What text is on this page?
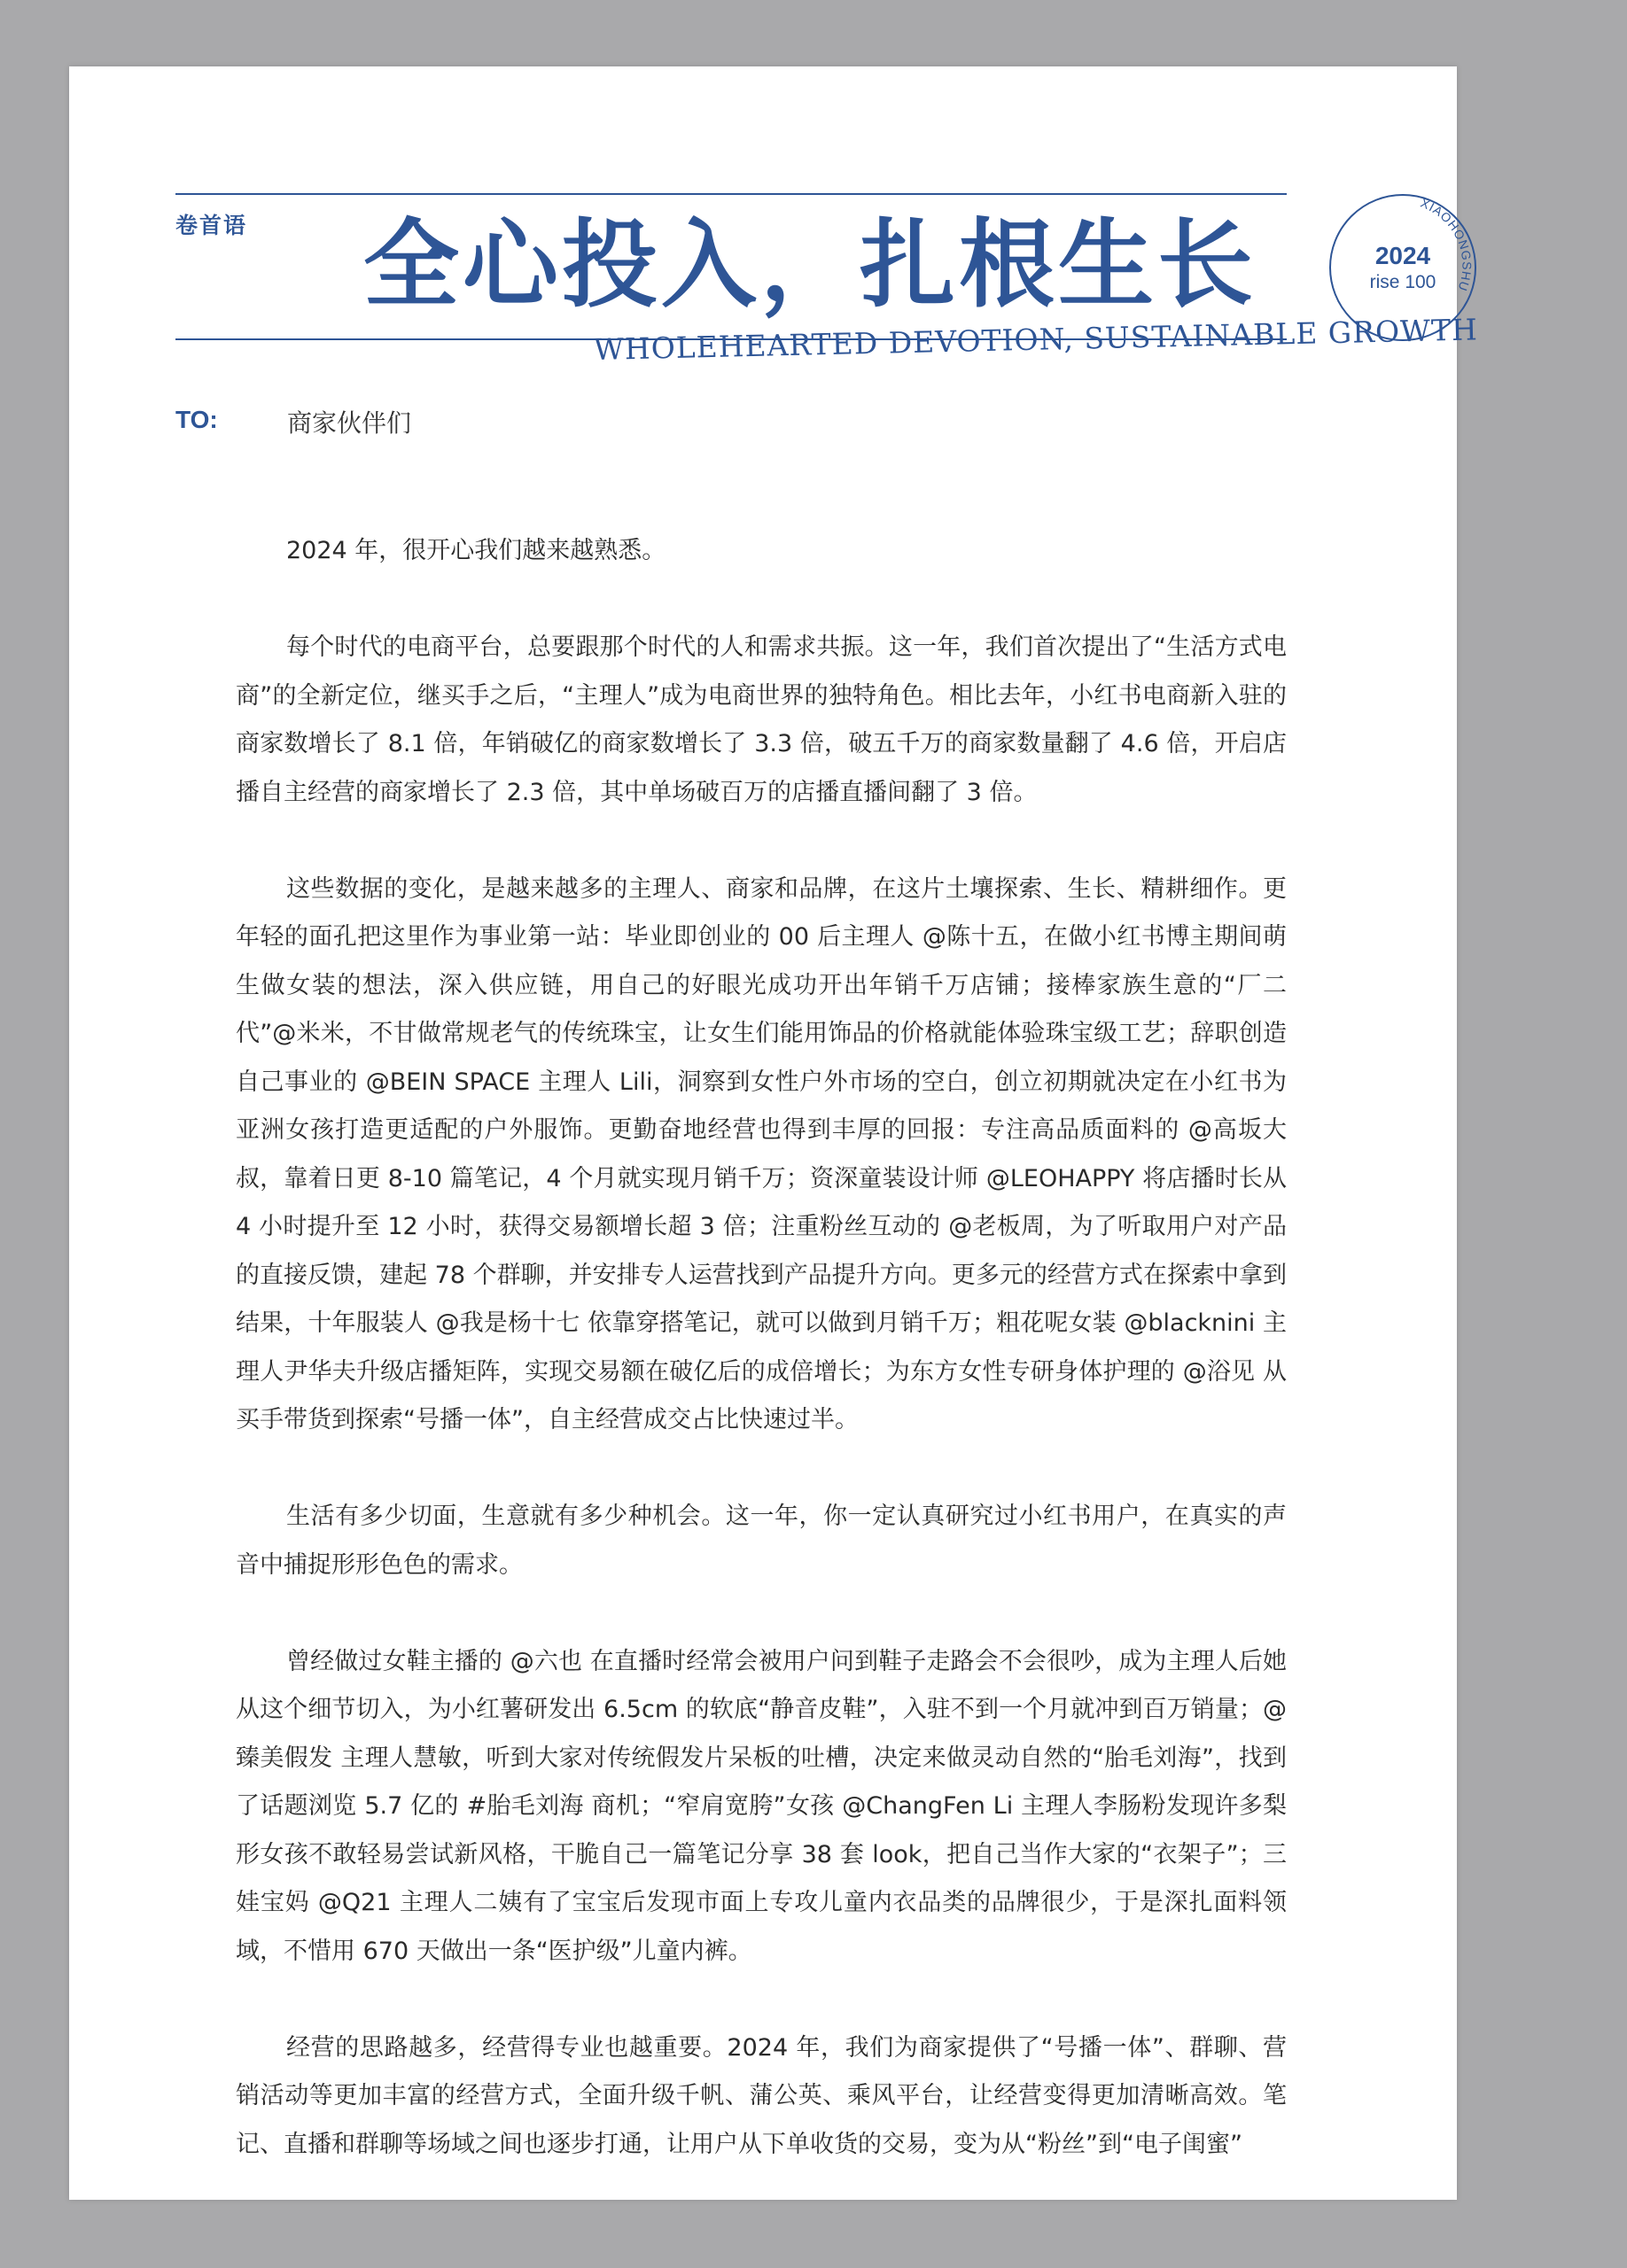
卷首语 全心投入，扎根生长
WHOLEHEARTED DEVOTION, SUSTAINABLE GROWTH
2024
rise 100
XIAOHONGSHU
TO:	商家伙伴们

2024 年，很开心我们越来越熟悉。

每个时代的电商平台，总要跟那个时代的人和需求共振。这一年，我们首次提出了“生活方式电商”的全新定位，继买手之后，“主理人”成为电商世界的独特角色。相比去年，小红书电商新入驻的商家数增长了 8.1 倍，年销破亿的商家数增长了 3.3 倍，破五千万的商家数量翻了 4.6 倍，开启店播自主经营的商家增长了 2.3 倍，其中单场破百万的店播直播间翻了 3 倍。

这些数据的变化，是越来越多的主理人、商家和品牌，在这片土壤探索、生长、精耕细作。更年轻的面孔把这里作为事业第一站：毕业即创业的 00 后主理人 @陈十五，在做小红书博主期间萌生做女装的想法，深入供应链，用自己的好眼光成功开出年销千万店铺；接棒家族生意的“厂二代”@米米，不甘做常规老气的传统珠宝，让女生们能用饰品的价格就能体验珠宝级工艺；辞职创造自己事业的 @BEIN SPACE 主理人 Lili，洞察到女性户外市场的空白，创立初期就决定在小红书为亚洲女孩打造更适配的户外服饰。更勤奋地经营也得到丰厚的回报：专注高品质面料的 @高坂大叔，靠着日更 8-10 篇笔记，4 个月就实现月销千万；资深童装设计师 @LEOHAPPY 将店播时长从 4 小时提升至 12 小时，获得交易额增长超 3 倍；注重粉丝互动的 @老板周，为了听取用户对产品的直接反馈，建起 78 个群聊，并安排专人运营找到产品提升方向。更多元的经营方式在探索中拿到结果，十年服装人 @我是杨十七 依靠穿搭笔记，就可以做到月销千万；粗花呢女装 @blacknini 主理人尹华夫升级店播矩阵，实现交易额在破亿后的成倍增长；为东方女性专研身体护理的 @浴见 从买手带货到探索“号播一体”，自主经营成交占比快速过半。

生活有多少切面，生意就有多少种机会。这一年，你一定认真研究过小红书用户，在真实的声音中捕捉形形色色的需求。

曾经做过女鞋主播的 @六也 在直播时经常会被用户问到鞋子走路会不会很吵，成为主理人后她从这个细节切入，为小红薯研发出 6.5cm 的软底“静音皮鞋”，入驻不到一个月就冲到百万销量；@臻美假发 主理人慧敏，听到大家对传统假发片呆板的吐槽，决定来做灵动自然的“胎毛刘海”，找到了话题浏览 5.7 亿的 #胎毛刘海 商机；“窄肩宽胯”女孩 @ChangFen Li 主理人李肠粉发现许多梨形女孩不敢轻易尝试新风格，干脆自己一篇笔记分享 38 套 look，把自己当作大家的“衣架子”；三娃宝妈 @Q21 主理人二姨有了宝宝后发现市面上专攻儿童内衣品类的品牌很少，于是深扎面料领域，不惜用 670 天做出一条“医护级”儿童内裤。

经营的思路越多，经营得专业也越重要。2024 年，我们为商家提供了“号播一体”、群聊、营销活动等更加丰富的经营方式，全面升级千帆、蒲公英、乘风平台，让经营变得更加清晰高效。笔记、直播和群聊等场域之间也逐步打通，让用户从下单收货的交易，变为从“粉丝”到“电子闺蜜”
